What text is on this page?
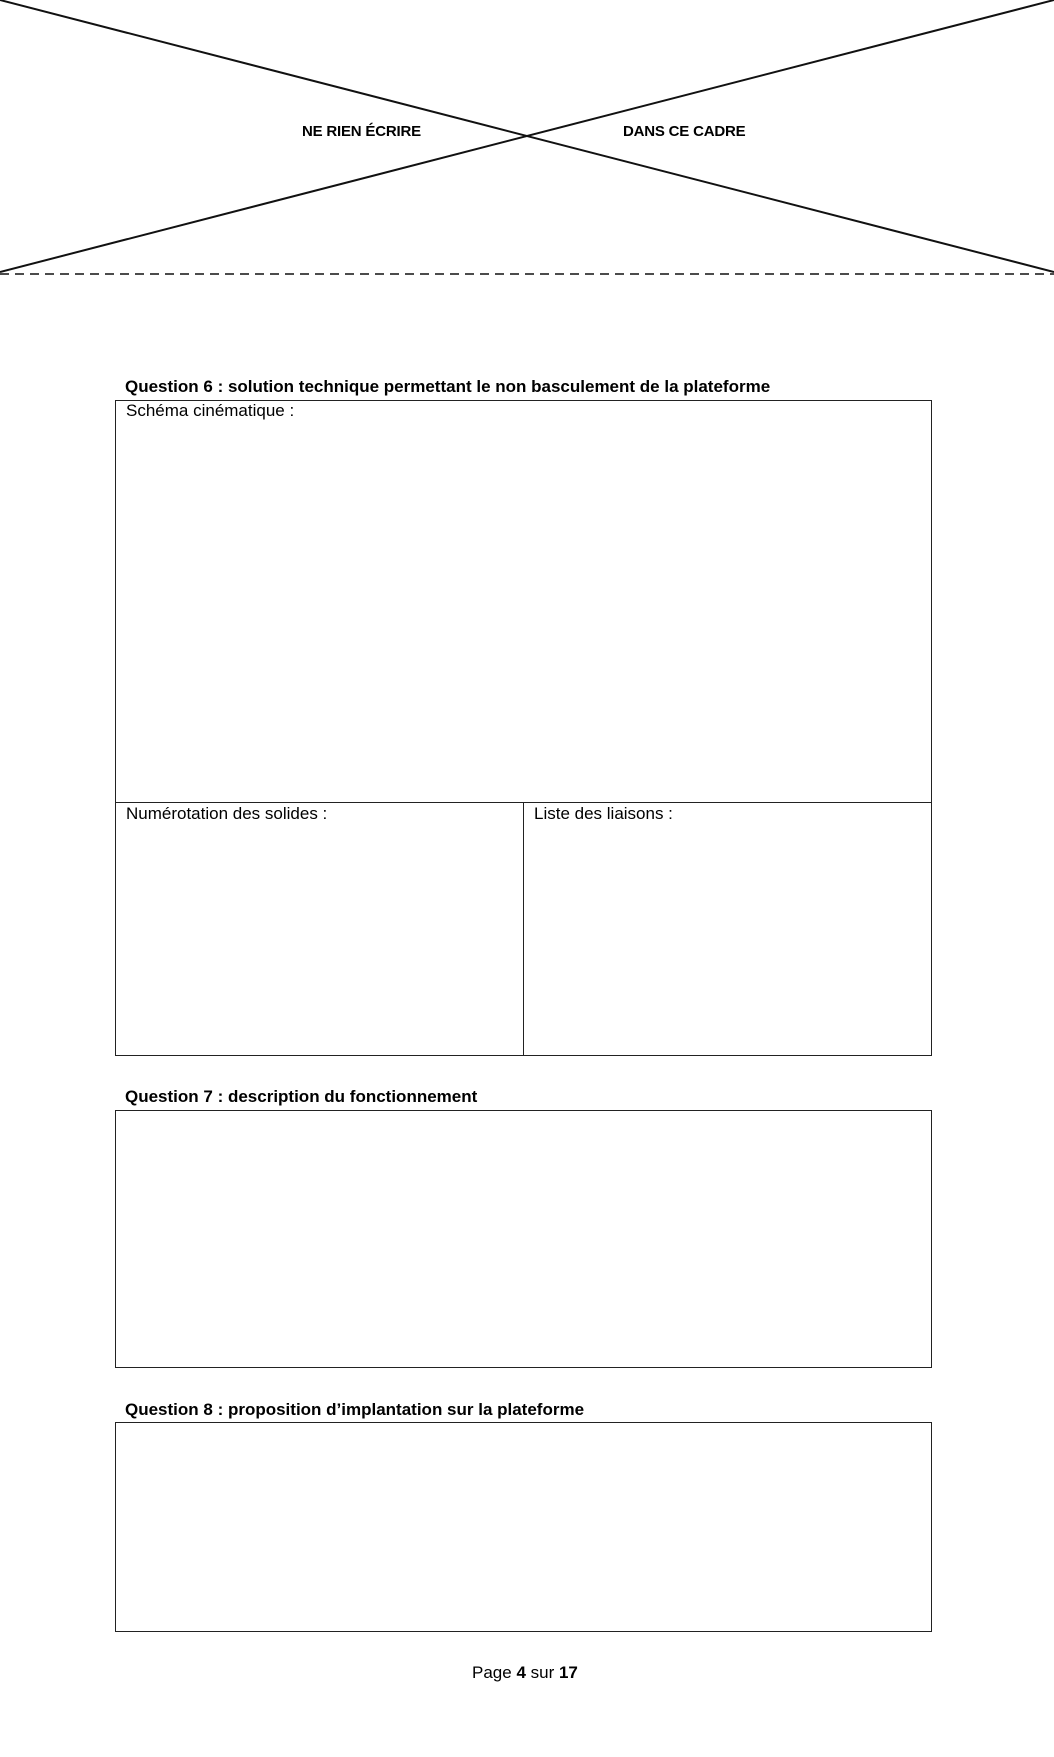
NE RIEN ÉCRIRE	DANS CE CADRE
Question 6 : solution technique permettant le non basculement de la plateforme
Schéma cinématique :
Numérotation des solides :	Liste des liaisons :
Question 7 : description du fonctionnement
Question 8 : proposition d’implantation sur la plateforme
Page 4 sur 17
